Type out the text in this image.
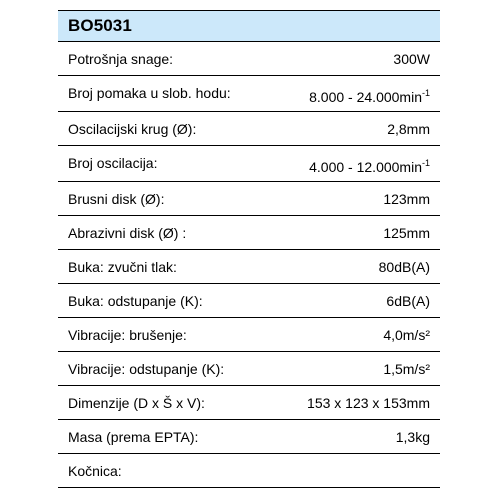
BO5031
Potrošnja snage:	300W
Broj pomaka u slob. hodu:	$8.000 - 24.000\min^{-1}$
Oscilacijski krug (Ø):	2,8mm
Broj oscilacija:	$4.000 - 12.000\min^{-1}$
Brusni disk (Ø):	123mm
Abrazivni disk (Ø) :	125mm
Buka: zvučni tlak:	80dB(A)
Buka: odstupanje (K):	6dB(A)
Vibracije: brušenje:	4,0m/s²
Vibracije: odstupanje (K):	1,5m/s²
Dimenzije (D x Š x V):	153 x 123 x 153mm
Masa (prema EPTA):	1,3kg
Kočnica:
